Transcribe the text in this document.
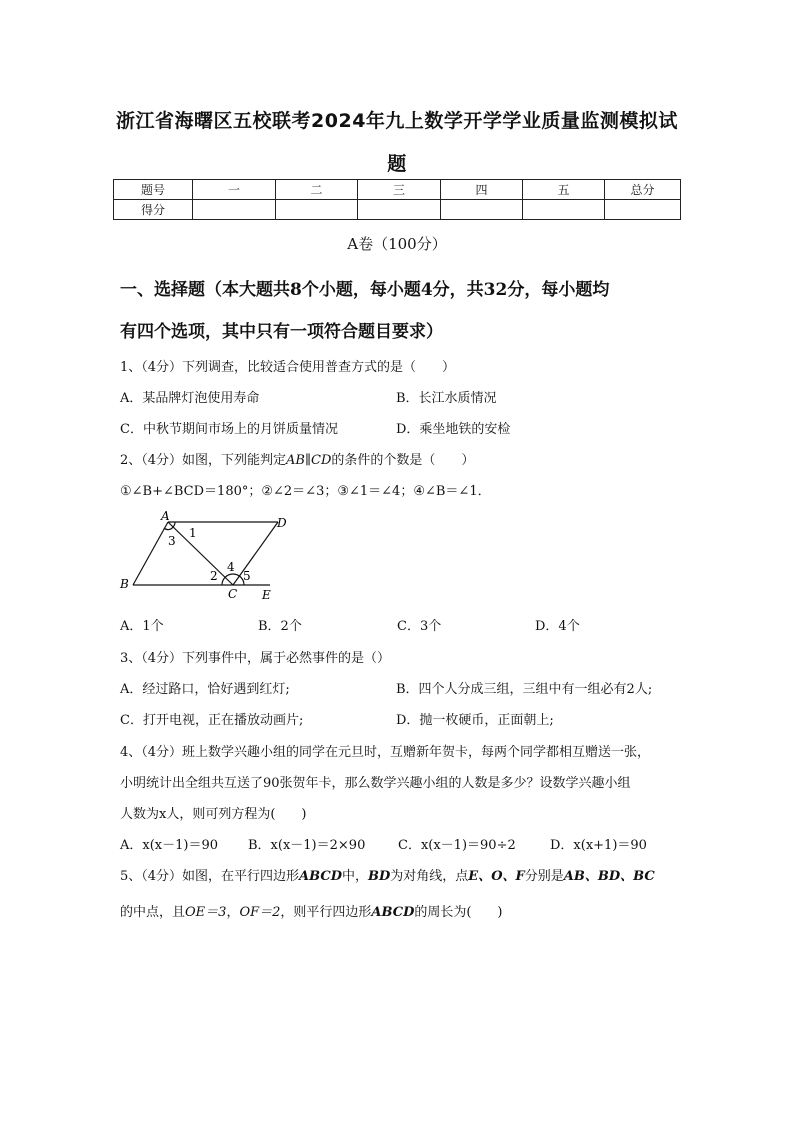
浙江省海曙区五校联考2024年九上数学开学学业质量监测模拟试
题
题号	一	二	三	四	五	总分
得分						
A卷（100分）
一、选择题（本大题共8个小题，每小题4分，共32分，每小题均
有四个选项，其中只有一项符合题目要求）
1、（4分）下列调查，比较适合使用普查方式的是（　　）
A．某品牌灯泡使用寿命	B．长江水质情况
C．中秋节期间市场上的月饼质量情况	D．乘坐地铁的安检
2、（4分）如图，下列能判定AB∥CD的条件的个数是（　　）
①∠B+∠BCD＝180°；②∠2＝∠3；③∠1＝∠4；④∠B＝∠1．
A	D
B
C E
1
3
2
4
5
A．1个	B．2个	C．3个	D．4个
3、（4分）下列事件中，属于必然事件的是（）
A．经过路口，恰好遇到红灯;	B．四个人分成三组，三组中有一组必有2人;
C．打开电视，正在播放动画片;	D．抛一枚硬币，正面朝上;
4、（4分）班上数学兴趣小组的同学在元旦时，互赠新年贺卡，每两个同学都相互赠送一张，
小明统计出全组共互送了90张贺年卡，那么数学兴趣小组的人数是多少？设数学兴趣小组
人数为x人，则可列方程为(　　)
A．x(x－1)＝90 B．x(x－1)＝2×90	C．x(x－1)＝90÷2	D．x(x+1)＝90
5、（4分）如图，在平行四边形ABCD中，BD为对角线，点E、O、F分别是AB、BD、BC
的中点，且OE＝3，OF＝2，则平行四边形ABCD的周长为(　　)
